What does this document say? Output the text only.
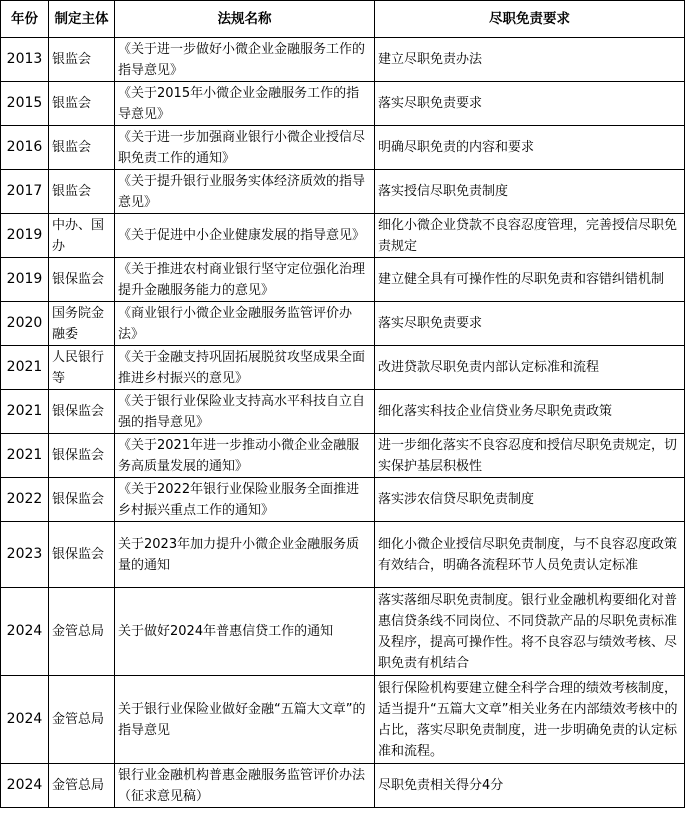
年份	制定主体	法规名称	尽职免责要求
2013	银监会	《关于进一步做好小微企业金融服务工作的指导意见》	建立尽职免责办法
2015	银监会	《关于2015年小微企业金融服务工作的指导意见》	落实尽职免责要求
2016	银监会	《关于进一步加强商业银行小微企业授信尽职免责工作的通知》	明确尽职免责的内容和要求
2017	银监会	《关于提升银行业服务实体经济质效的指导意见》	落实授信尽职免责制度
2019	中办、国办	《关于促进中小企业健康发展的指导意见》	细化小微企业贷款不良容忍度管理，完善授信尽职免责规定
2019	银保监会	《关于推进农村商业银行坚守定位强化治理提升金融服务能力的意见》	建立健全具有可操作性的尽职免责和容错纠错机制
2020	国务院金融委	《商业银行小微企业金融服务监管评价办法》	落实尽职免责要求
2021	人民银行等	《关于金融支持巩固拓展脱贫攻坚成果全面推进乡村振兴的意见》	改进贷款尽职免责内部认定标准和流程
2021	银保监会	《关于银行业保险业支持高水平科技自立自强的指导意见》	细化落实科技企业信贷业务尽职免责政策
2021	银保监会	《关于2021年进一步推动小微企业金融服务高质量发展的通知》	进一步细化落实不良容忍度和授信尽职免责规定，切实保护基层积极性
2022	银保监会	《关于2022年银行业保险业服务全面推进乡村振兴重点工作的通知》	落实涉农信贷尽职免责制度
2023	银保监会	关于2023年加力提升小微企业金融服务质量的通知	细化小微企业授信尽职免责制度，与不良容忍度政策有效结合，明确各流程环节人员免责认定标准
2024	金管总局	关于做好2024年普惠信贷工作的通知	落实落细尽职免责制度。银行业金融机构要细化对普惠信贷条线不同岗位、不同贷款产品的尽职免责标准及程序，提高可操作性。将不良容忍与绩效考核、尽职免责有机结合
2024	金管总局	关于银行业保险业做好金融“五篇大文章”的指导意见	银行保险机构要建立健全科学合理的绩效考核制度，适当提升“五篇大文章”相关业务在内部绩效考核中的占比，落实尽职免责制度，进一步明确免责的认定标准和流程。
2024	金管总局	银行业金融机构普惠金融服务监管评价办法（征求意见稿）	尽职免责相关得分4分
